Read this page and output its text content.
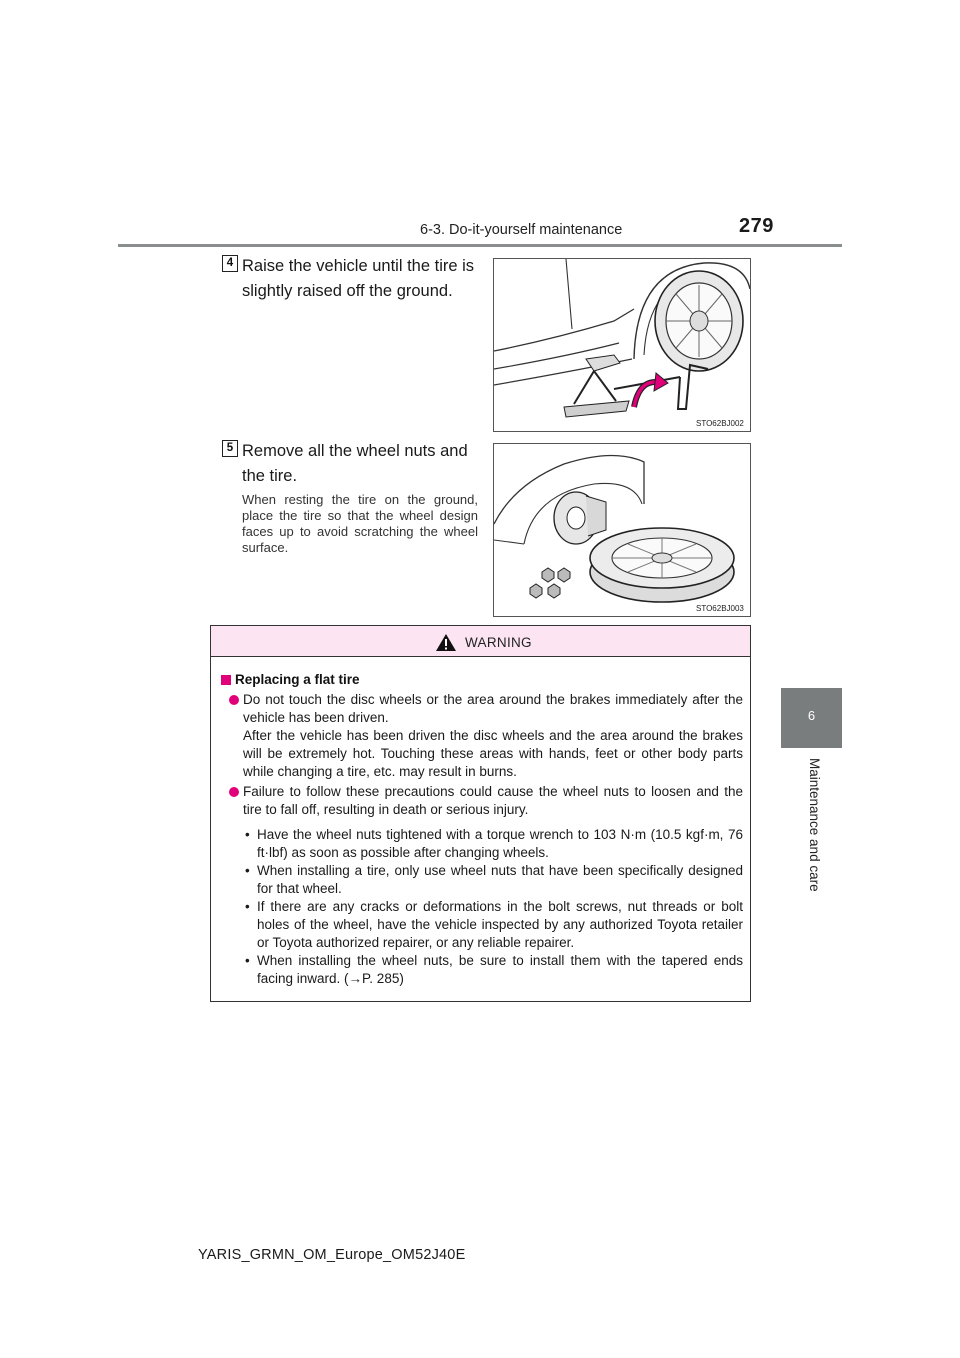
6-3. Do-it-yourself maintenance	279
6
Maintenance and care
4 Raise the vehicle until the tire is slightly raised off the ground.
STO62BJ002
5 Remove all the wheel nuts and the tire.
When resting the tire on the ground, place the tire so that the wheel design faces up to avoid scratching the wheel surface.
STO62BJ003
WARNING
Replacing a flat tire
Do not touch the disc wheels or the area around the brakes immediately after the vehicle has been driven.
After the vehicle has been driven the disc wheels and the area around the brakes will be extremely hot. Touching these areas with hands, feet or other body parts while changing a tire, etc. may result in burns.
Failure to follow these precautions could cause the wheel nuts to loosen and the tire to fall off, resulting in death or serious injury.
• Have the wheel nuts tightened with a torque wrench to 103 N·m (10.5 kgf·m, 76 ft·lbf) as soon as possible after changing wheels.
• When installing a tire, only use wheel nuts that have been specifically designed for that wheel.
• If there are any cracks or deformations in the bolt screws, nut threads or bolt holes of the wheel, have the vehicle inspected by any authorized Toyota retailer or Toyota authorized repairer, or any reliable repairer.
• When installing the wheel nuts, be sure to install them with the tapered ends facing inward. (→P. 285)
YARIS_GRMN_OM_Europe_OM52J40E
